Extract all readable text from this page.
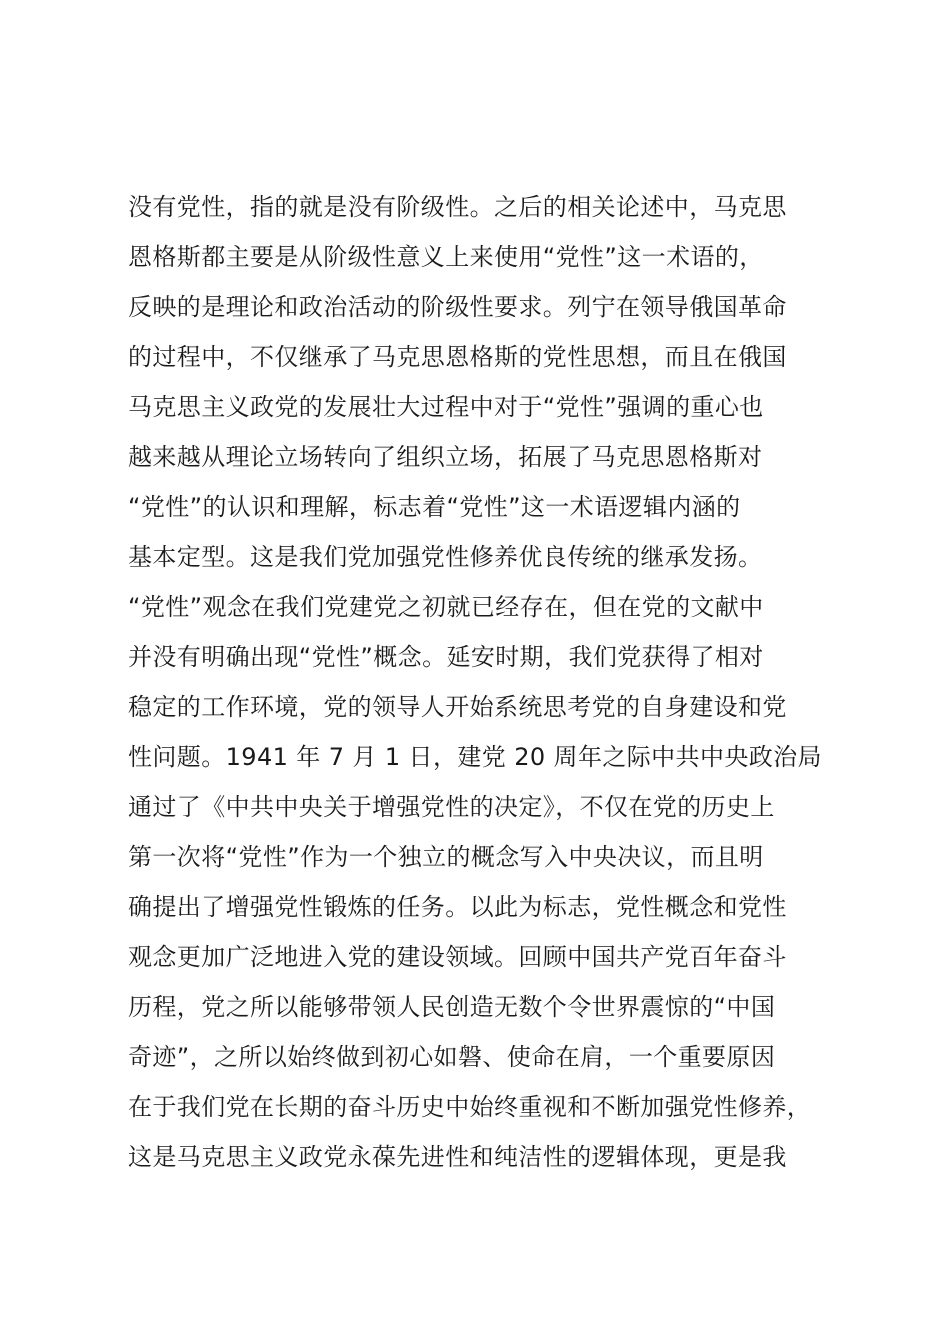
没有党性，指的就是没有阶级性。之后的相关论述中，马克思
恩格斯都主要是从阶级性意义上来使用“党性”这一术语的，
反映的是理论和政治活动的阶级性要求。列宁在领导俄国革命
的过程中，不仅继承了马克思恩格斯的党性思想，而且在俄国
马克思主义政党的发展壮大过程中对于“党性”强调的重心也
越来越从理论立场转向了组织立场，拓展了马克思恩格斯对
“党性”的认识和理解，标志着“党性”这一术语逻辑内涵的
基本定型。这是我们党加强党性修养优良传统的继承发扬。
“党性”观念在我们党建党之初就已经存在，但在党的文献中
并没有明确出现“党性”概念。延安时期，我们党获得了相对
稳定的工作环境，党的领导人开始系统思考党的自身建设和党
性问题。1941 年 7 月 1 日，建党 20 周年之际中共中央政治局
通过了《中共中央关于增强党性的决定》，不仅在党的历史上
第一次将“党性”作为一个独立的概念写入中央决议，而且明
确提出了增强党性锻炼的任务。以此为标志，党性概念和党性
观念更加广泛地进入党的建设领域。回顾中国共产党百年奋斗
历程，党之所以能够带领人民创造无数个令世界震惊的“中国
奇迹”，之所以始终做到初心如磐、使命在肩，一个重要原因
在于我们党在长期的奋斗历史中始终重视和不断加强党性修养，
这是马克思主义政党永葆先进性和纯洁性的逻辑体现，更是我
